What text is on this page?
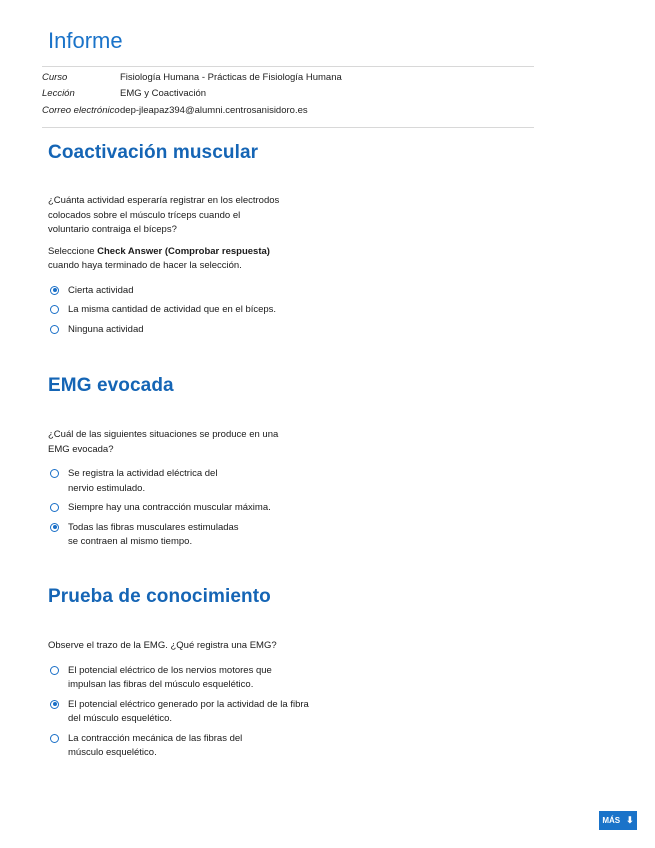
Informe
Curso	Fisiología Humana - Prácticas de Fisiología Humana
Lección	EMG y Coactivación
Correo electrónico dep-jleapaz394@alumni.centrosanisidoro.es
Coactivación muscular

¿Cuánta actividad esperaría registrar en los electrodos colocados sobre el músculo tríceps cuando el voluntario contraiga el bíceps?

Seleccione Check Answer (Comprobar respuesta) cuando haya terminado de hacer la selección.

Cierta actividad
La misma cantidad de actividad que en el bíceps.
Ninguna actividad
EMG evocada

¿Cuál de las siguientes situaciones se produce en una EMG evocada?

Se registra la actividad eléctrica del nervio estimulado.
Siempre hay una contracción muscular máxima.
Todas las fibras musculares estimuladas se contraen al mismo tiempo.
Prueba de conocimiento

Observe el trazo de la EMG. ¿Qué registra una EMG?

El potencial eléctrico de los nervios motores que impulsan las fibras del músculo esquelético.
El potencial eléctrico generado por la actividad de la fibra del músculo esquelético.
La contracción mecánica de las fibras del músculo esquelético.
MÁS ⬇
